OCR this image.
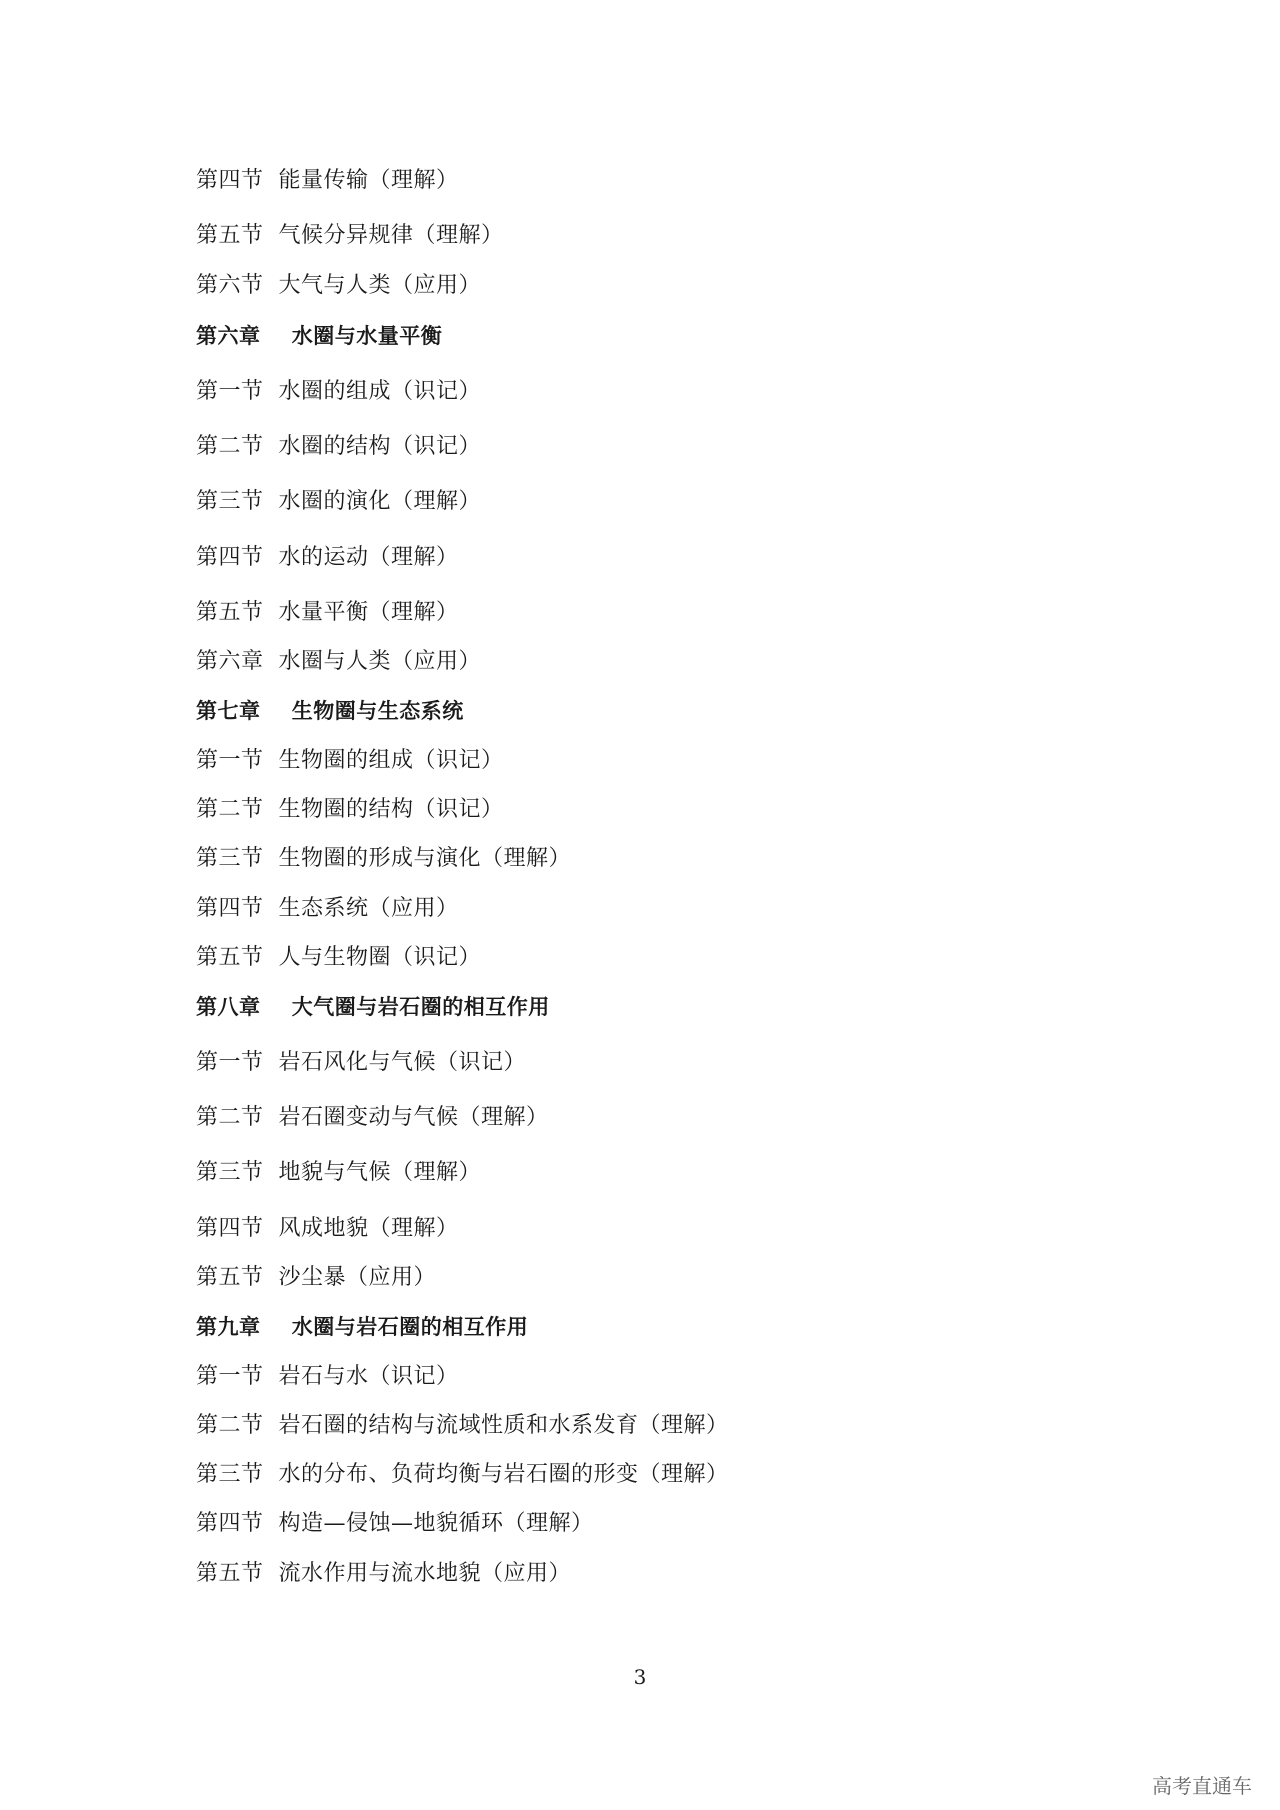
第四节  能量传输（理解）
第五节  气候分异规律（理解）
第六节  大气与人类（应用）
第六章    水圈与水量平衡
第一节  水圈的组成（识记）
第二节  水圈的结构（识记）
第三节  水圈的演化（理解）
第四节  水的运动（理解）
第五节  水量平衡（理解）
第六章  水圈与人类（应用）
第七章    生物圈与生态系统
第一节  生物圈的组成（识记）
第二节  生物圈的结构（识记）
第三节  生物圈的形成与演化（理解）
第四节  生态系统（应用）
第五节  人与生物圈（识记）
第八章    大气圈与岩石圈的相互作用
第一节  岩石风化与气候（识记）
第二节  岩石圈变动与气候（理解）
第三节  地貌与气候（理解）
第四节  风成地貌（理解）
第五节  沙尘暴（应用）
第九章    水圈与岩石圈的相互作用
第一节  岩石与水（识记）
第二节  岩石圈的结构与流域性质和水系发育（理解）
第三节  水的分布、负荷均衡与岩石圈的形变（理解）
第四节  构造—侵蚀—地貌循环（理解）
第五节  流水作用与流水地貌（应用）
3
高考直通车
